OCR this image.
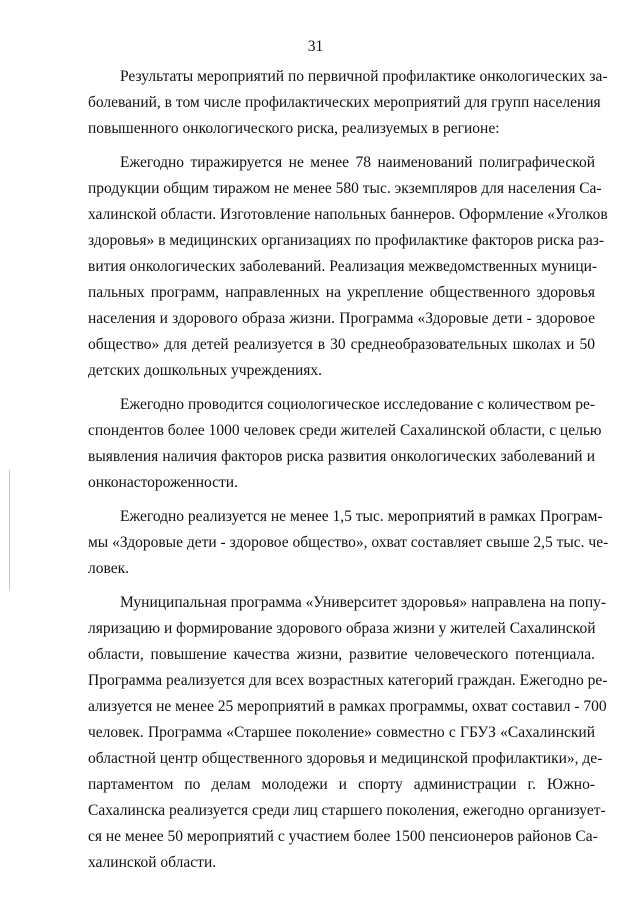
31
Результаты мероприятий по первичной профилактике онкологических за-
болеваний, в том числе профилактических мероприятий для групп населения
повышенного онкологического риска, реализуемых в регионе:
Ежегодно тиражируется не менее 78 наименований полиграфической
продукции общим тиражом не менее 580 тыс. экземпляров для населения Са-
халинской области. Изготовление напольных баннеров. Оформление «Уголков
здоровья» в медицинских организациях по профилактике факторов риска раз-
вития онкологических заболеваний. Реализация межведомственных муници-
пальных программ, направленных на укрепление общественного здоровья
населения и здорового образа жизни. Программа «Здоровые дети - здоровое
общество» для детей реализуется в 30 среднеобразовательных школах и 50
детских дошкольных учреждениях.
Ежегодно проводится социологическое исследование с количеством ре-
спондентов более 1000 человек среди жителей Сахалинской области, с целью
выявления наличия факторов риска развития онкологических заболеваний и
онконастороженности.
Ежегодно реализуется не менее 1,5 тыс. мероприятий в рамках Програм-
мы «Здоровые дети - здоровое общество», охват составляет свыше 2,5 тыс. че-
ловек.
Муниципальная программа «Университет здоровья» направлена на попу-
ляризацию и формирование здорового образа жизни у жителей Сахалинской
области, повышение качества жизни, развитие человеческого потенциала.
Программа реализуется для всех возрастных категорий граждан. Ежегодно ре-
ализуется не менее 25 мероприятий в рамках программы, охват составил - 700
человек. Программа «Старшее поколение» совместно с ГБУЗ «Сахалинский
областной центр общественного здоровья и медицинской профилактики», де-
партаментом по делам молодежи и спорту администрации г. Южно-
Сахалинска реализуется среди лиц старшего поколения, ежегодно организует-
ся не менее 50 мероприятий с участием более 1500 пенсионеров районов Са-
халинской области.
